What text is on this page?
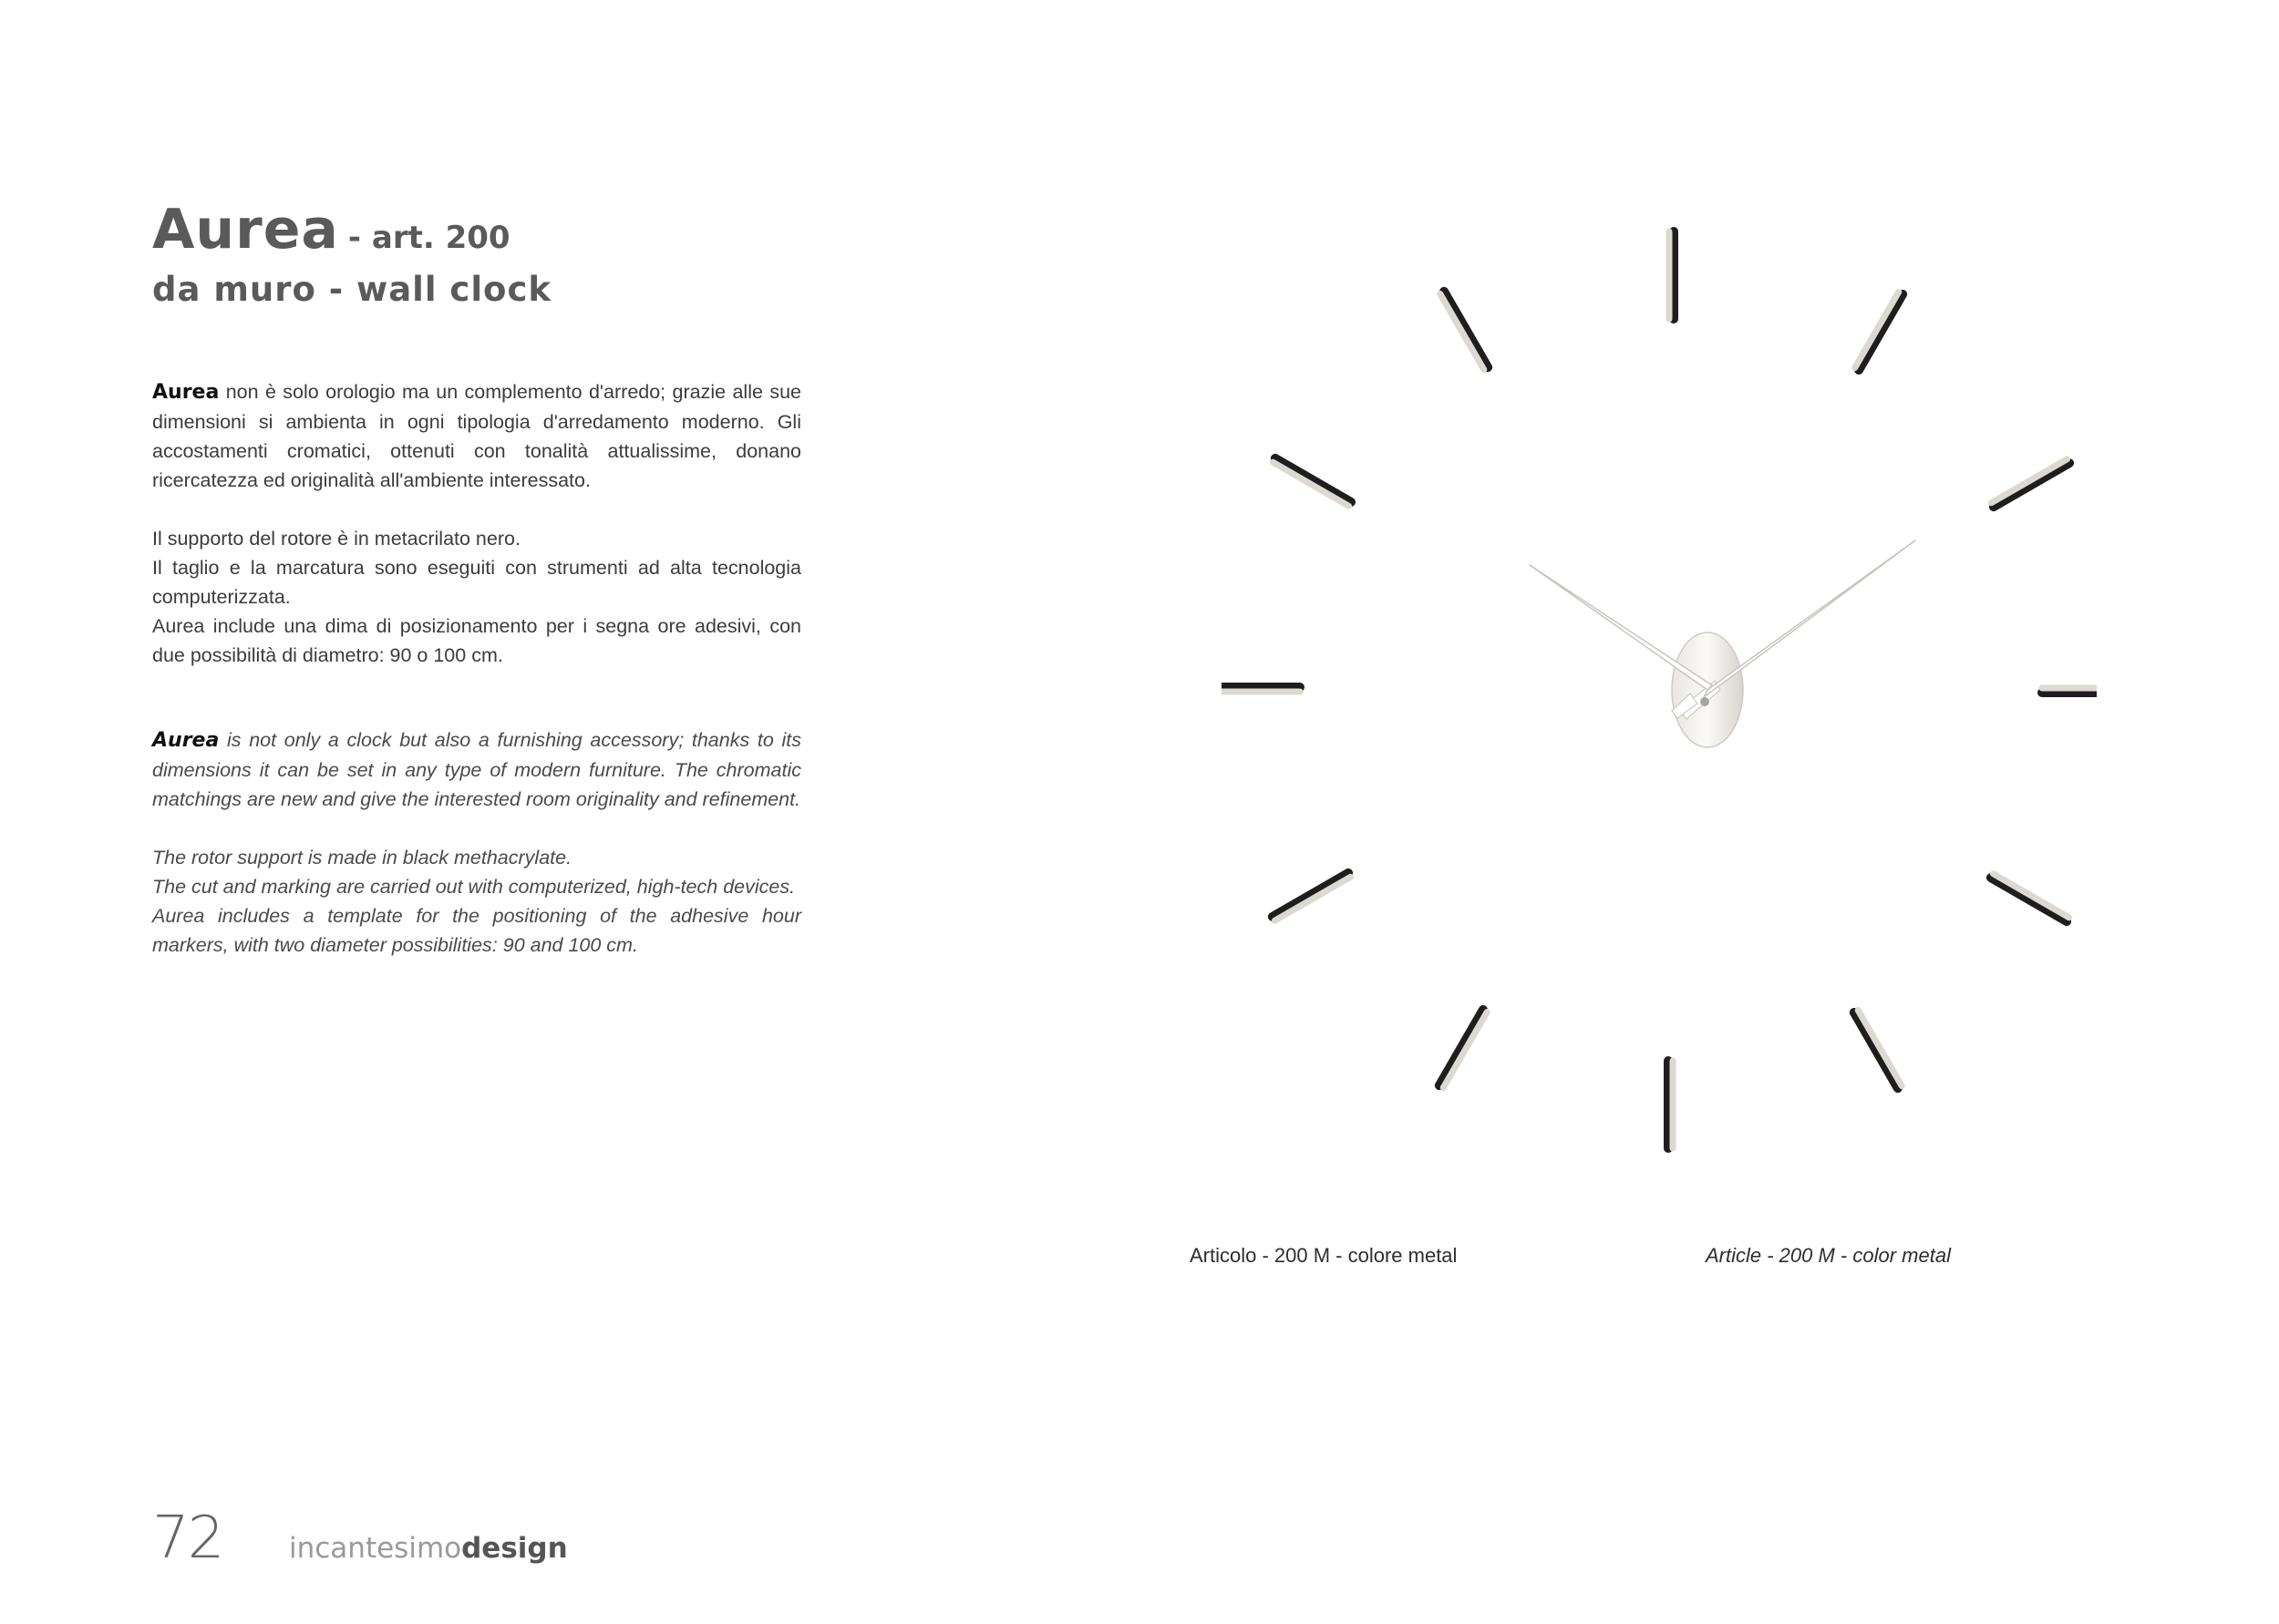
Aurea - art. 200
da muro - wall clock

Aurea non è solo orologio ma un complemento d'arredo; grazie alle sue dimensioni si ambienta in ogni tipologia d'arredamento moderno. Gli accostamenti cromatici, ottenuti con tonalità attualissime, donano ricercatezza ed originalità all'ambiente interessato.

Il supporto del rotore è in metacrilato nero.
Il taglio e la marcatura sono eseguiti con strumenti ad alta tecnologia computerizzata.
Aurea include una dima di posizionamento per i segna ore adesivi, con due possibilità di diametro: 90 o 100 cm.

Aurea is not only a clock but also a furnishing accessory; thanks to its dimensions it can be set in any type of modern furniture. The chromatic matchings are new and give the interested room originality and refinement.

The rotor support is made in black methacrylate.
The cut and marking are carried out with computerized, high-tech devices.
Aurea includes a template for the positioning of the adhesive hour markers, with two diameter possibilities: 90 and 100 cm.

Articolo - 200 M - colore metal	Article - 200 M - color metal
72 incantesimodesign
